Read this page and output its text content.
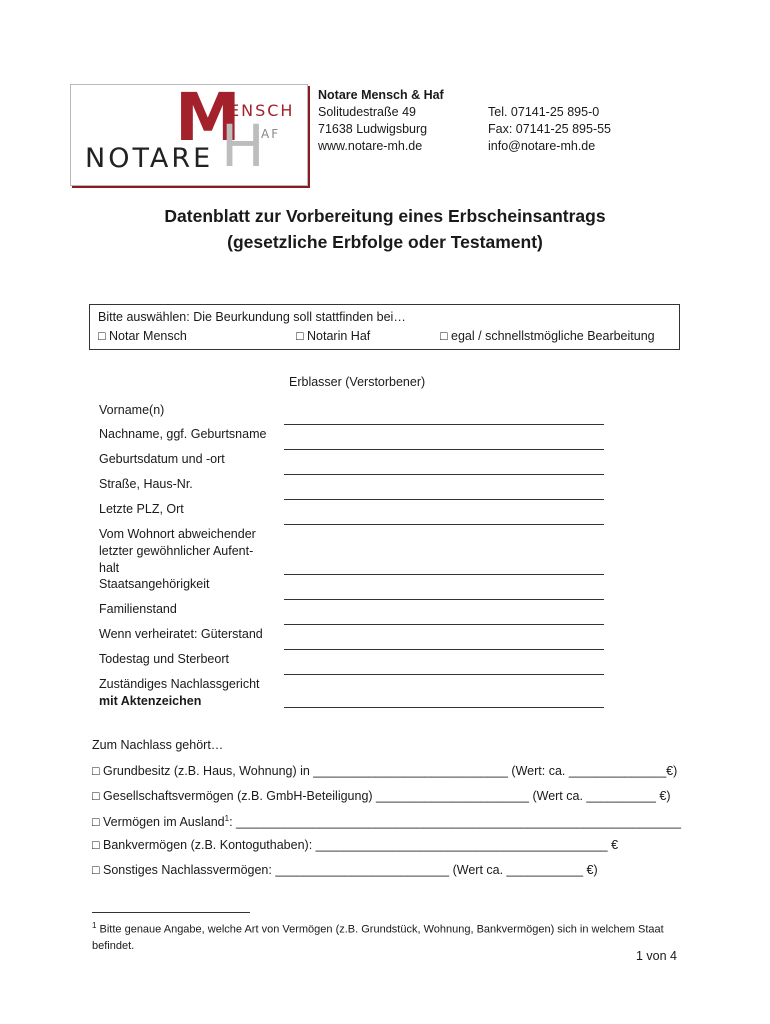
M
ENSCH
H
AF
NOTARE
Notare Mensch & Haf
Solitudestraße 49
71638 Ludwigsburg
www.notare-mh.de
Tel. 07141-25 895-0
Fax: 07141-25 895-55
info@notare-mh.de
Datenblatt zur Vorbereitung eines Erbscheinsantrags
(gesetzliche Erbfolge oder Testament)
Bitte auswählen: Die Beurkundung soll stattfinden bei…
□ Notar Mensch	□ Notarin Haf	□ egal / schnellstmögliche Bearbeitung
Erblasser (Verstorbener)
Vorname(n)
Nachname, ggf. Geburtsname
Geburtsdatum und -ort
Straße, Haus-Nr.
Letzte PLZ, Ort
Vom Wohnort abweichender letzter gewöhnlicher Aufent-
halt
Staatsangehörigkeit
Familienstand
Wenn verheiratet: Güterstand
Todestag und Sterbeort
Zuständiges Nachlassgericht
mit Aktenzeichen
Zum Nachlass gehört…
□ Grundbesitz (z.B. Haus, Wohnung) in ____________________________ (Wert: ca. ______________€)
□ Gesellschaftsvermögen (z.B. GmbH-Beteiligung) ______________________ (Wert ca. __________ €)
□ Vermögen im Ausland$^1$: ________________________________________________________________
□ Bankvermögen (z.B. Kontoguthaben): __________________________________________ €
□ Sonstiges Nachlassvermögen: _________________________ (Wert ca. ___________ €)
$^1$ Bitte genaue Angabe, welche Art von Vermögen (z.B. Grundstück, Wohnung, Bankvermögen) sich in welchem Staat befindet.
1 von 4
